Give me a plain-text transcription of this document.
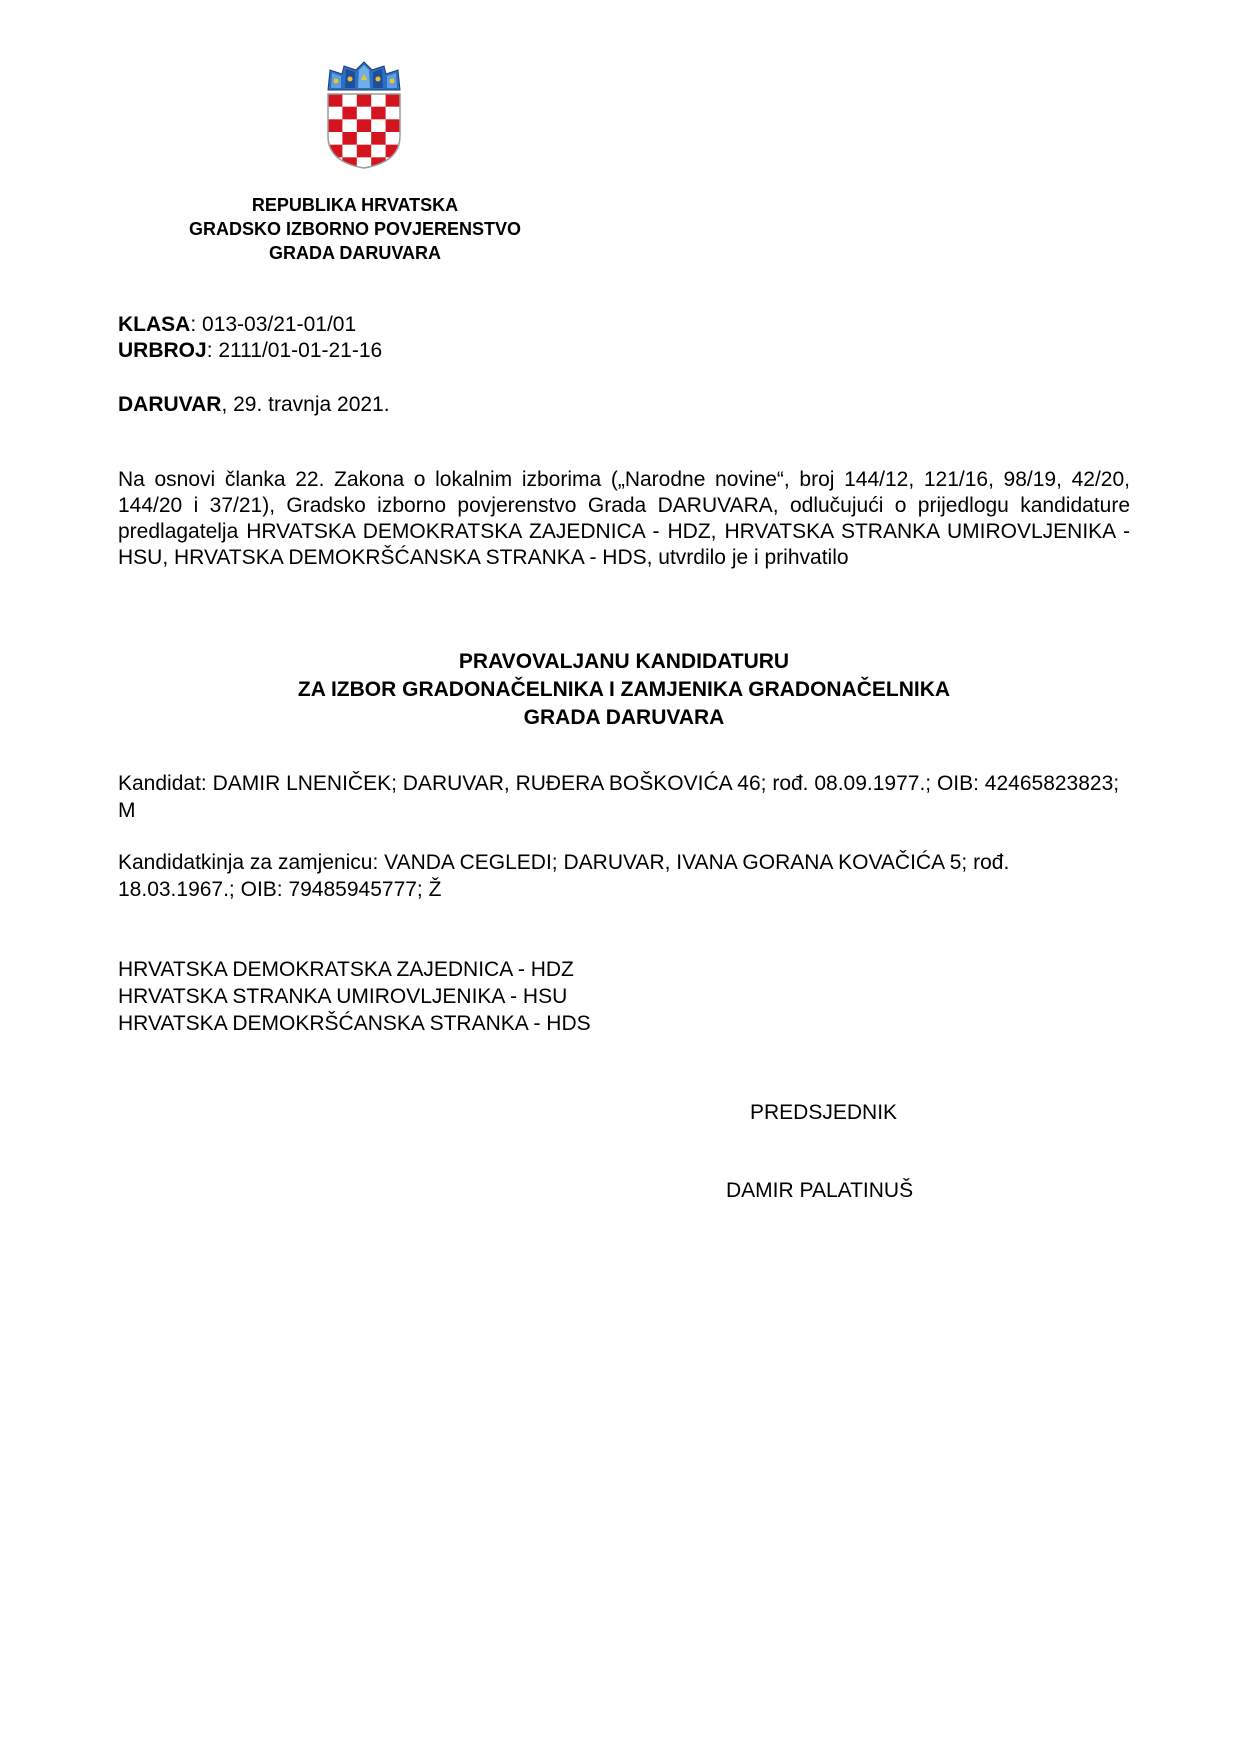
REPUBLIKA HRVATSKA
GRADSKO IZBORNO POVJERENSTVO
GRADA DARUVARA
KLASA: 013-03/21-01/01
URBROJ: 2111/01-01-21-16
DARUVAR, 29. travnja 2021.
Na osnovi članka 22. Zakona o lokalnim izborima („Narodne novine“, broj 144/12, 121/16, 98/19, 42/20, 144/20 i 37/21), Gradsko izborno povjerenstvo Grada DARUVARA, odlučujući o prijedlogu kandidature predlagatelja HRVATSKA DEMOKRATSKA ZAJEDNICA - HDZ, HRVATSKA STRANKA UMIROVLJENIKA - HSU, HRVATSKA DEMOKRŠĆANSKA STRANKA - HDS, utvrdilo je i prihvatilo
PRAVOVALJANU KANDIDATURU
ZA IZBOR GRADONAČELNIKA I ZAMJENIKA GRADONAČELNIKA
GRADA DARUVARA
Kandidat: DAMIR LNENIČEK; DARUVAR, RUĐERA BOŠKOVIĆA 46; rođ. 08.09.1977.; OIB: 42465823823; M
Kandidatkinja za zamjenicu: VANDA CEGLEDI; DARUVAR, IVANA GORANA KOVAČIĆA 5; rođ. 18.03.1967.; OIB: 79485945777; Ž
HRVATSKA DEMOKRATSKA ZAJEDNICA - HDZ
HRVATSKA STRANKA UMIROVLJENIKA - HSU
HRVATSKA DEMOKRŠĆANSKA STRANKA - HDS
PREDSJEDNIK
DAMIR PALATINUŠ
